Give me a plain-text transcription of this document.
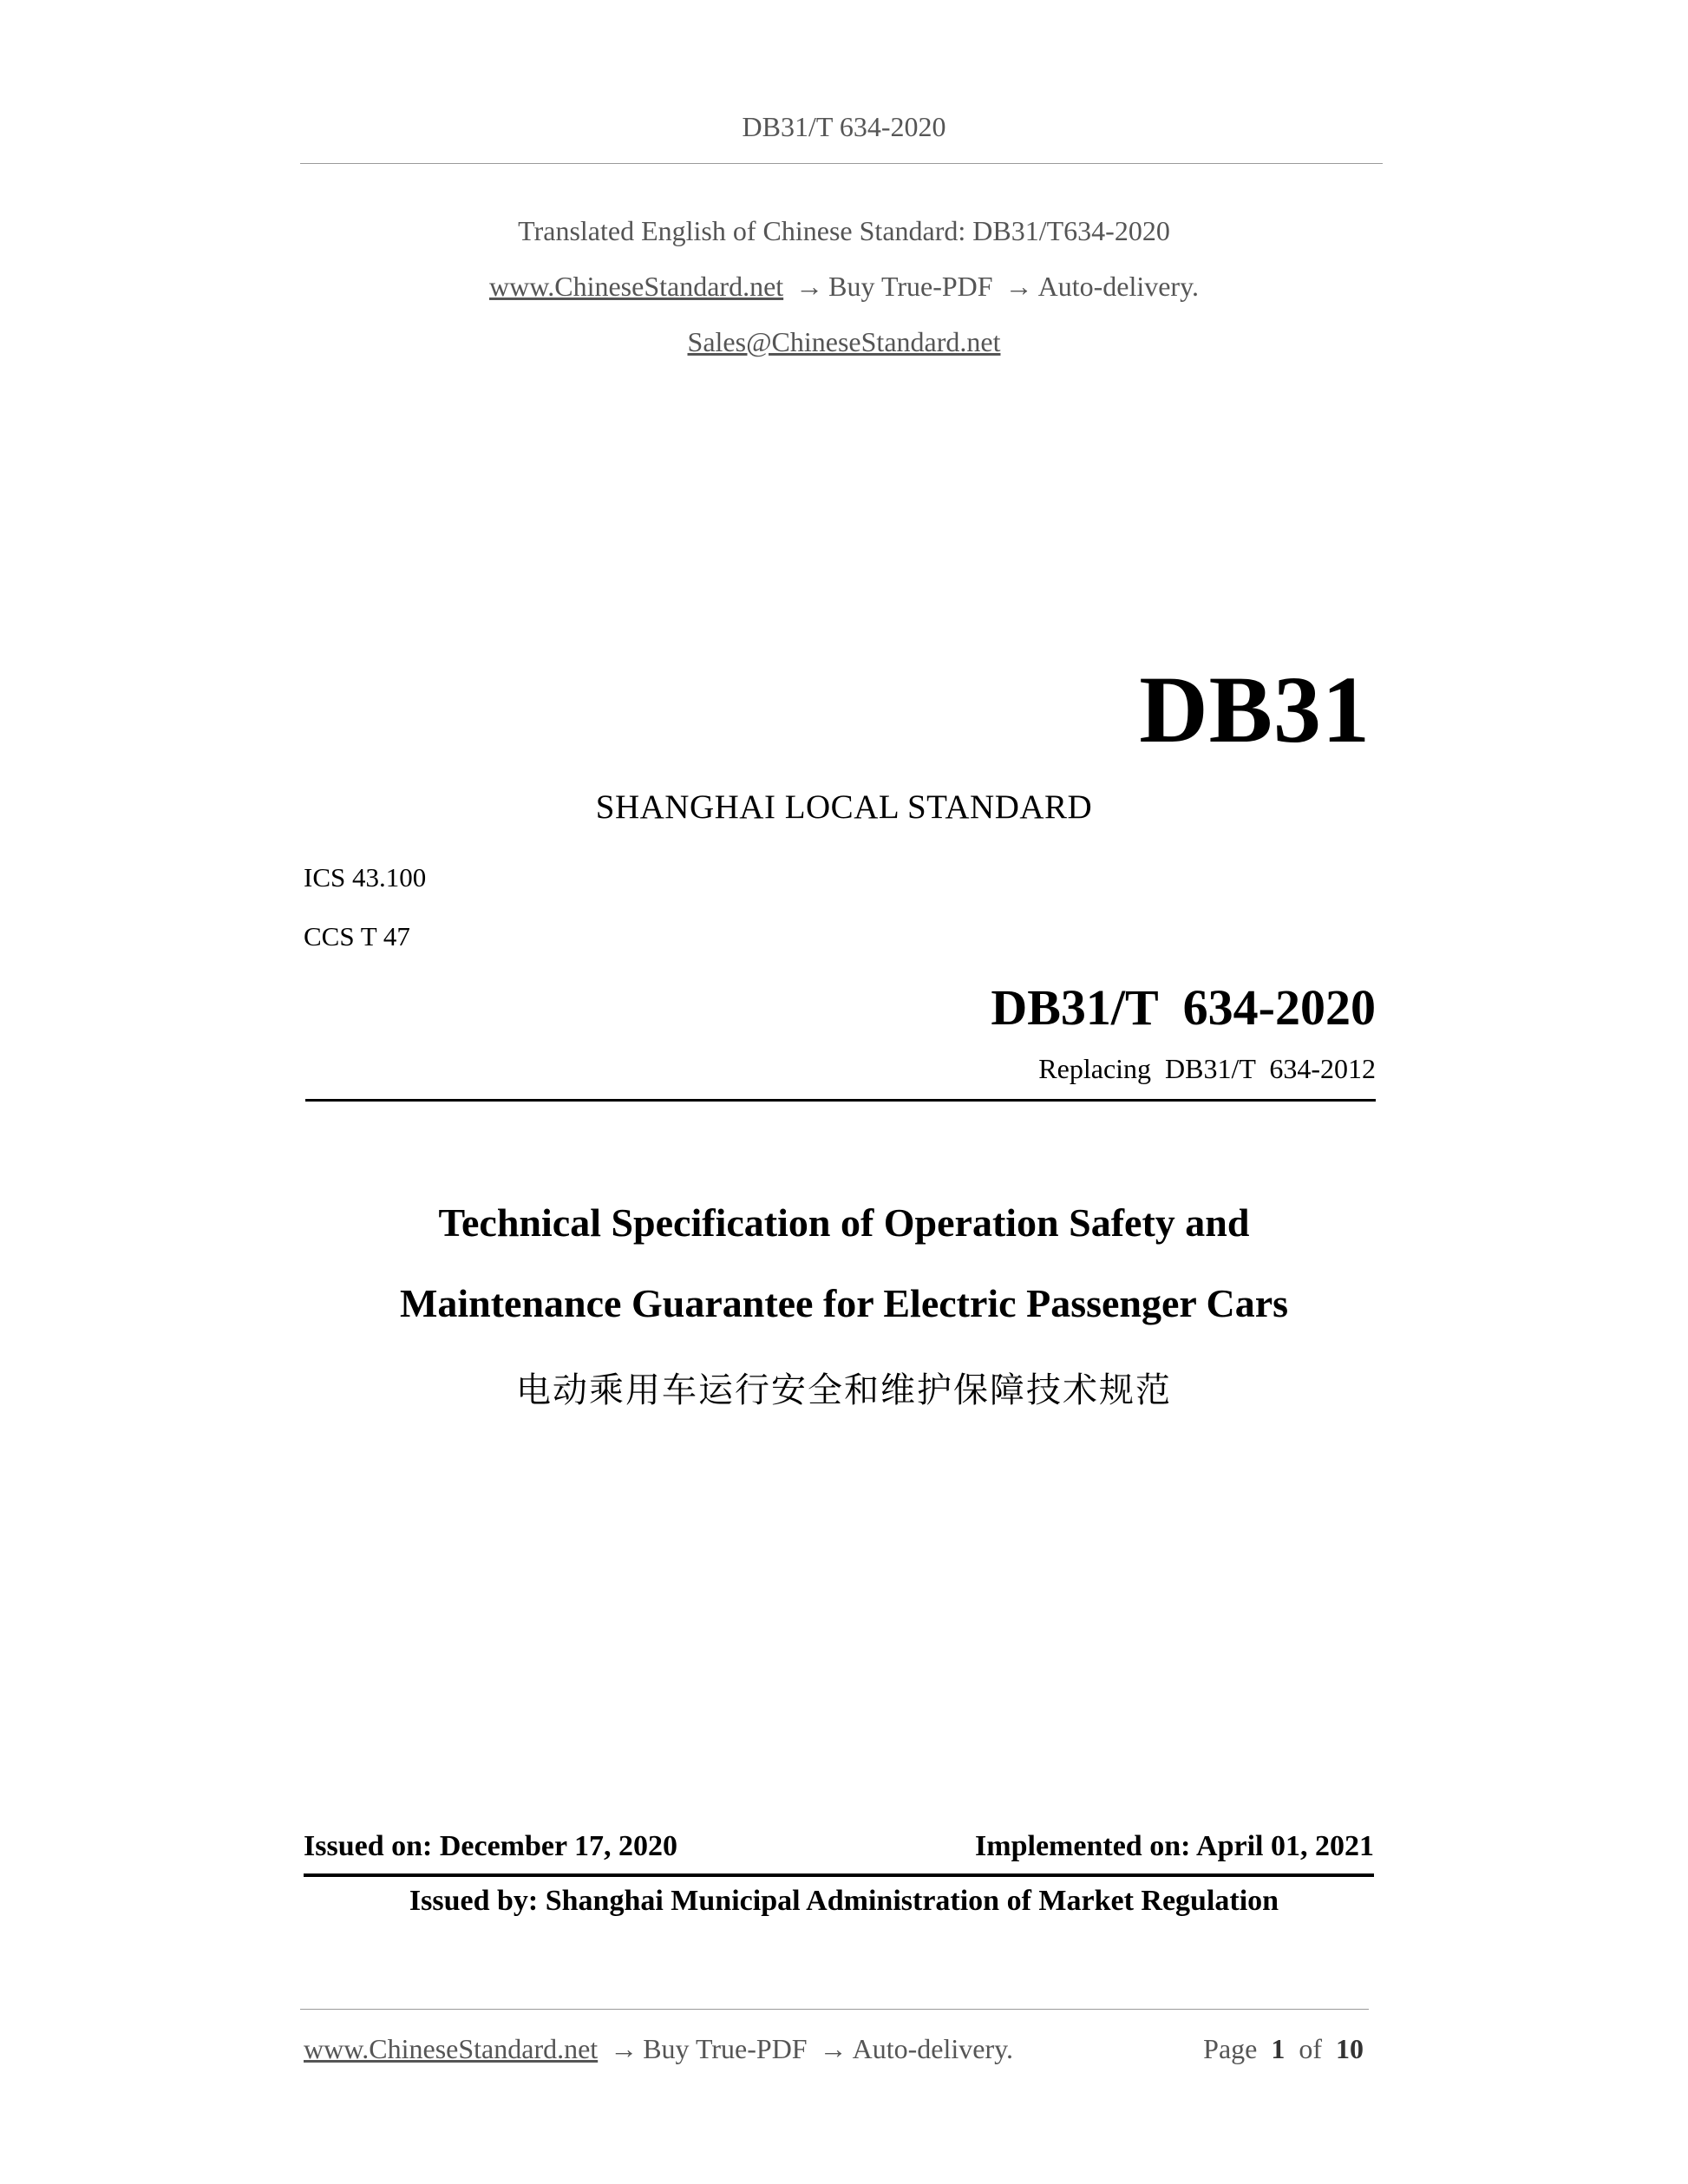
DB31/T 634-2020
Translated English of Chinese Standard: DB31/T634-2020
www.ChineseStandard.net → Buy True-PDF → Auto-delivery.
Sales@ChineseStandard.net
DB31
SHANGHAI LOCAL STANDARD
ICS 43.100
CCS T 47
DB31/T  634-2020
Replacing  DB31/T  634-2012
Technical Specification of Operation Safety and
Maintenance Guarantee for Electric Passenger Cars
电动乘用车运行安全和维护保障技术规范
Issued on: December 17, 2020	Implemented on: April 01, 2021
Issued by: Shanghai Municipal Administration of Market Regulation
www.ChineseStandard.net → Buy True-PDF → Auto-delivery.	Page 1 of 10
